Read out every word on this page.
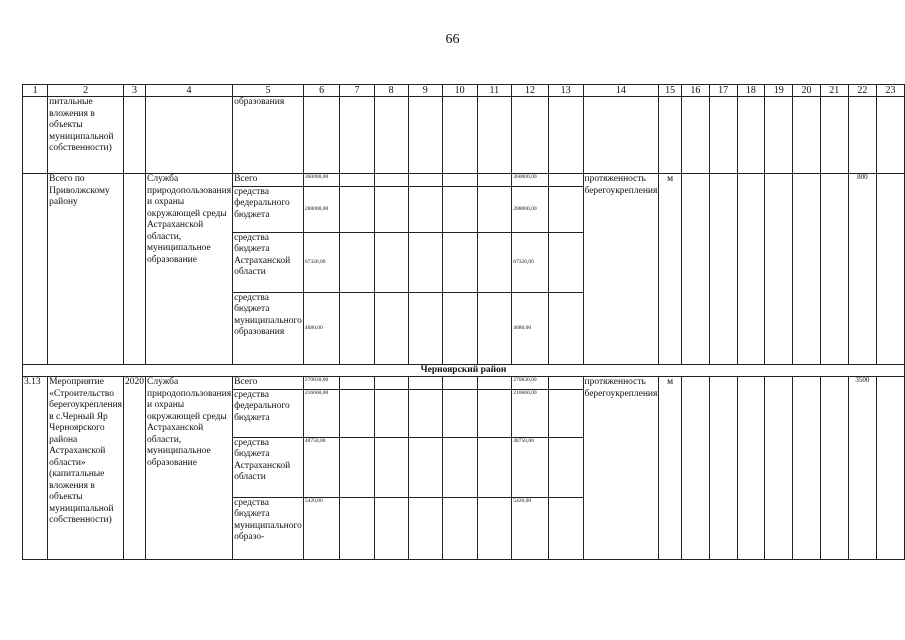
66
1	2	3	4	5	6	7	8	9	10	11	12	13	14	15	16	17	18	19	20	21	22	23
	питальные вложения в объекты муниципальной собственности)			образования																		
	Всего по Приволжскому району		Служба природопользования и охраны окружающей среды Астраханской области, муниципальное образование	Всего	360000,00						360000,00		протяженность берегоукрепления	м							800	
				средства федерального бюджета	288000,00						288000,00											
				средства бюджета Астраханской области	67320,00						67320,00											
				средства бюджета муниципального образования	4680,00						4680,00											
Черноярский район																						
3.13	Мероприятие «Строительство берегоукрепления в с.Черный Яр Черноярского района Астраханской области» (капитальные вложения в объекты муниципальной собственности)	2020	Служба природопользования и охраны окружающей среды Астраханской области, муниципальное образование	Всего	270830,00						270830,00		протяженность берегоукрепления	м							3500	
				средства федерального бюджета	216660,00						216660,00											
				средства бюджета Астраханской области	48750,00						48750,00											
				средства бюджета муниципального образо-	5420,00						5420,00											
